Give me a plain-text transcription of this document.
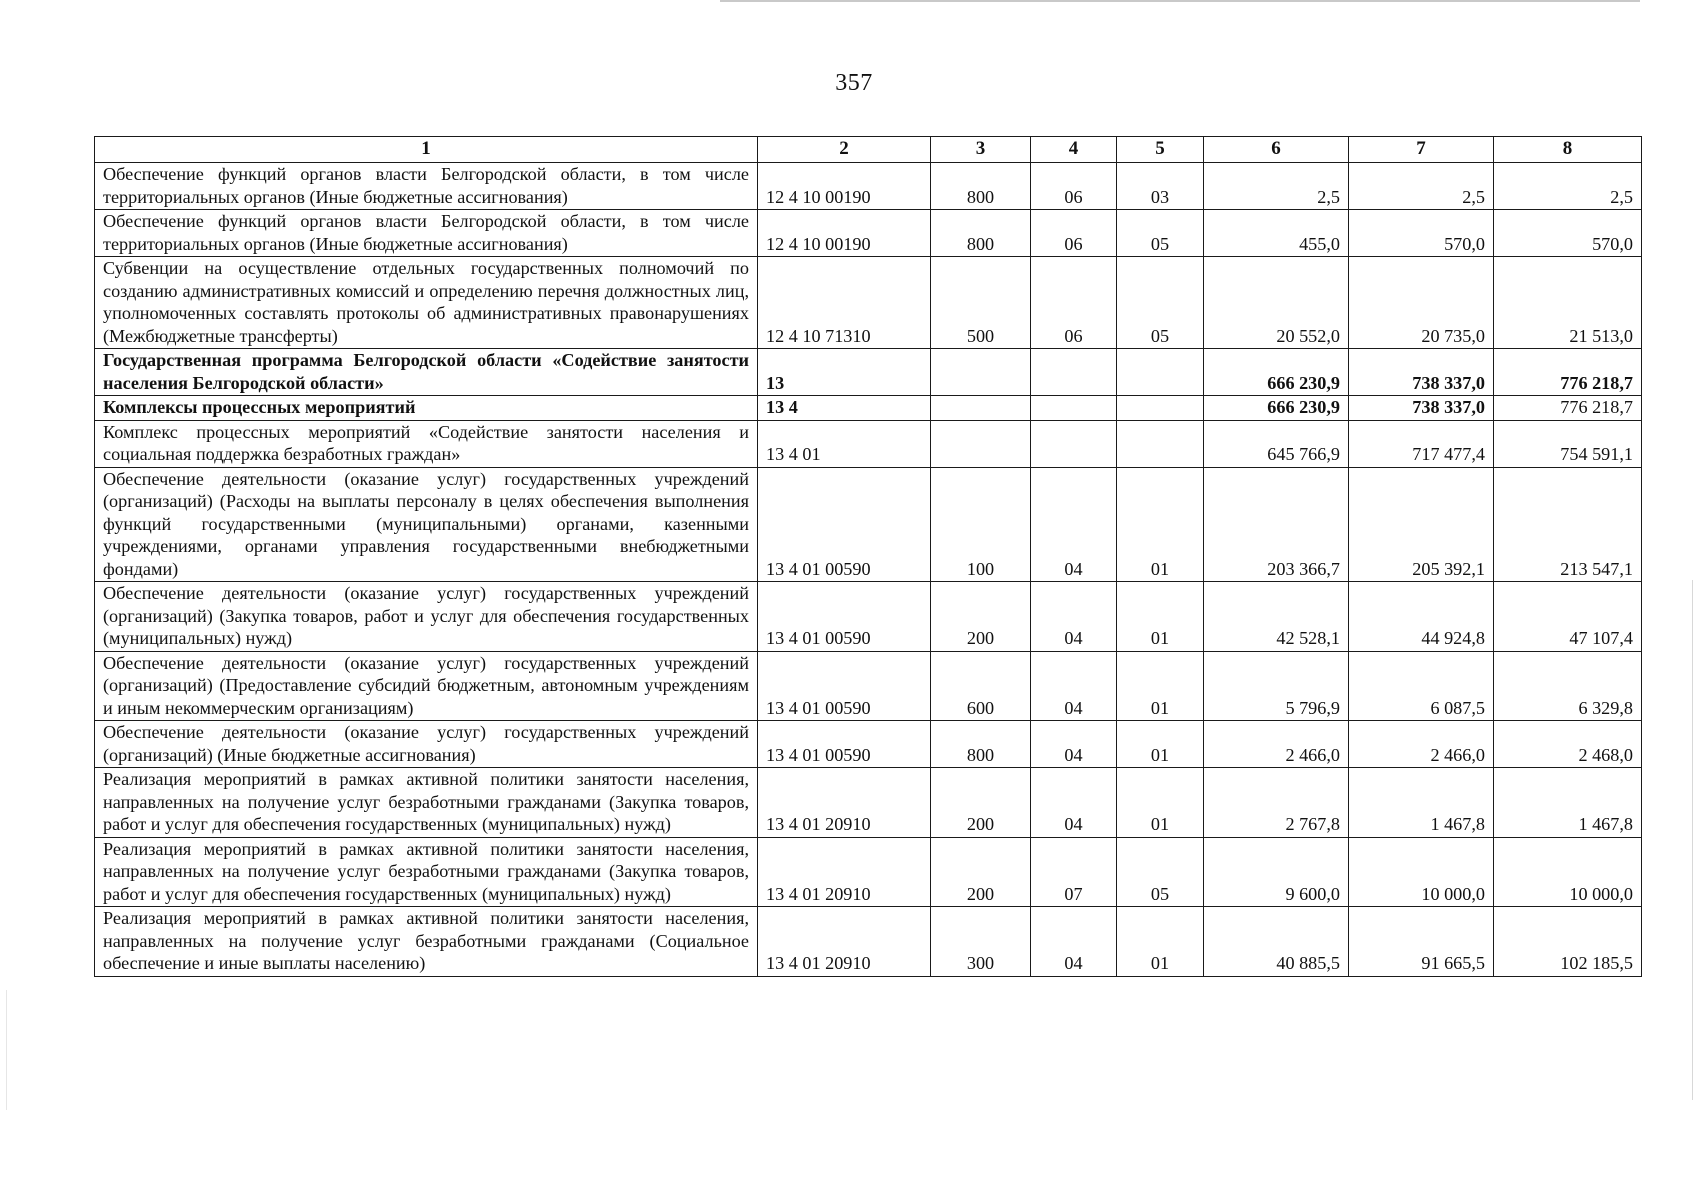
357
1	2	3	4	5	6	7	8
Обеспечение функций органов власти Белгородской области, в том числе территориальных органов (Иные бюджетные ассигнования)	12 4 10 00190	800	06	03	2,5	2,5	2,5
Обеспечение функций органов власти Белгородской области, в том числе территориальных органов (Иные бюджетные ассигнования)	12 4 10 00190	800	06	05	455,0	570,0	570,0
Субвенции на осуществление отдельных государственных полномочий по созданию административных комиссий и определению перечня должностных лиц, уполномоченных составлять протоколы об административных правонарушениях (Межбюджетные трансферты)	12 4 10 71310	500	06	05	20 552,0	20 735,0	21 513,0
Государственная программа Белгородской области «Содействие занятости населения Белгородской области»	13				666 230,9	738 337,0	776 218,7
Комплексы процессных мероприятий	13 4				666 230,9	738 337,0	776 218,7
Комплекс процессных мероприятий «Содействие занятости населения и социальная поддержка безработных граждан»	13 4 01				645 766,9	717 477,4	754 591,1
Обеспечение деятельности (оказание услуг) государственных учреждений (организаций) (Расходы на выплаты персоналу в целях обеспечения выполнения функций государственными (муниципальными) органами, казенными учреждениями, органами управления государственными внебюджетными фондами)	13 4 01 00590	100	04	01	203 366,7	205 392,1	213 547,1
Обеспечение деятельности (оказание услуг) государственных учреждений (организаций) (Закупка товаров, работ и услуг для обеспечения государственных (муниципальных) нужд)	13 4 01 00590	200	04	01	42 528,1	44 924,8	47 107,4
Обеспечение деятельности (оказание услуг) государственных учреждений (организаций) (Предоставление субсидий бюджетным, автономным учреждениям и иным некоммерческим организациям)	13 4 01 00590	600	04	01	5 796,9	6 087,5	6 329,8
Обеспечение деятельности (оказание услуг) государственных учреждений (организаций) (Иные бюджетные ассигнования)	13 4 01 00590	800	04	01	2 466,0	2 466,0	2 468,0
Реализация мероприятий в рамках активной политики занятости населения, направленных на получение услуг безработными гражданами (Закупка товаров, работ и услуг для обеспечения государственных (муниципальных) нужд)	13 4 01 20910	200	04	01	2 767,8	1 467,8	1 467,8
Реализация мероприятий в рамках активной политики занятости населения, направленных на получение услуг безработными гражданами (Закупка товаров, работ и услуг для обеспечения государственных (муниципальных) нужд)	13 4 01 20910	200	07	05	9 600,0	10 000,0	10 000,0
Реализация мероприятий в рамках активной политики занятости населения, направленных на получение услуг безработными гражданами (Социальное обеспечение и иные выплаты населению)	13 4 01 20910	300	04	01	40 885,5	91 665,5	102 185,5
